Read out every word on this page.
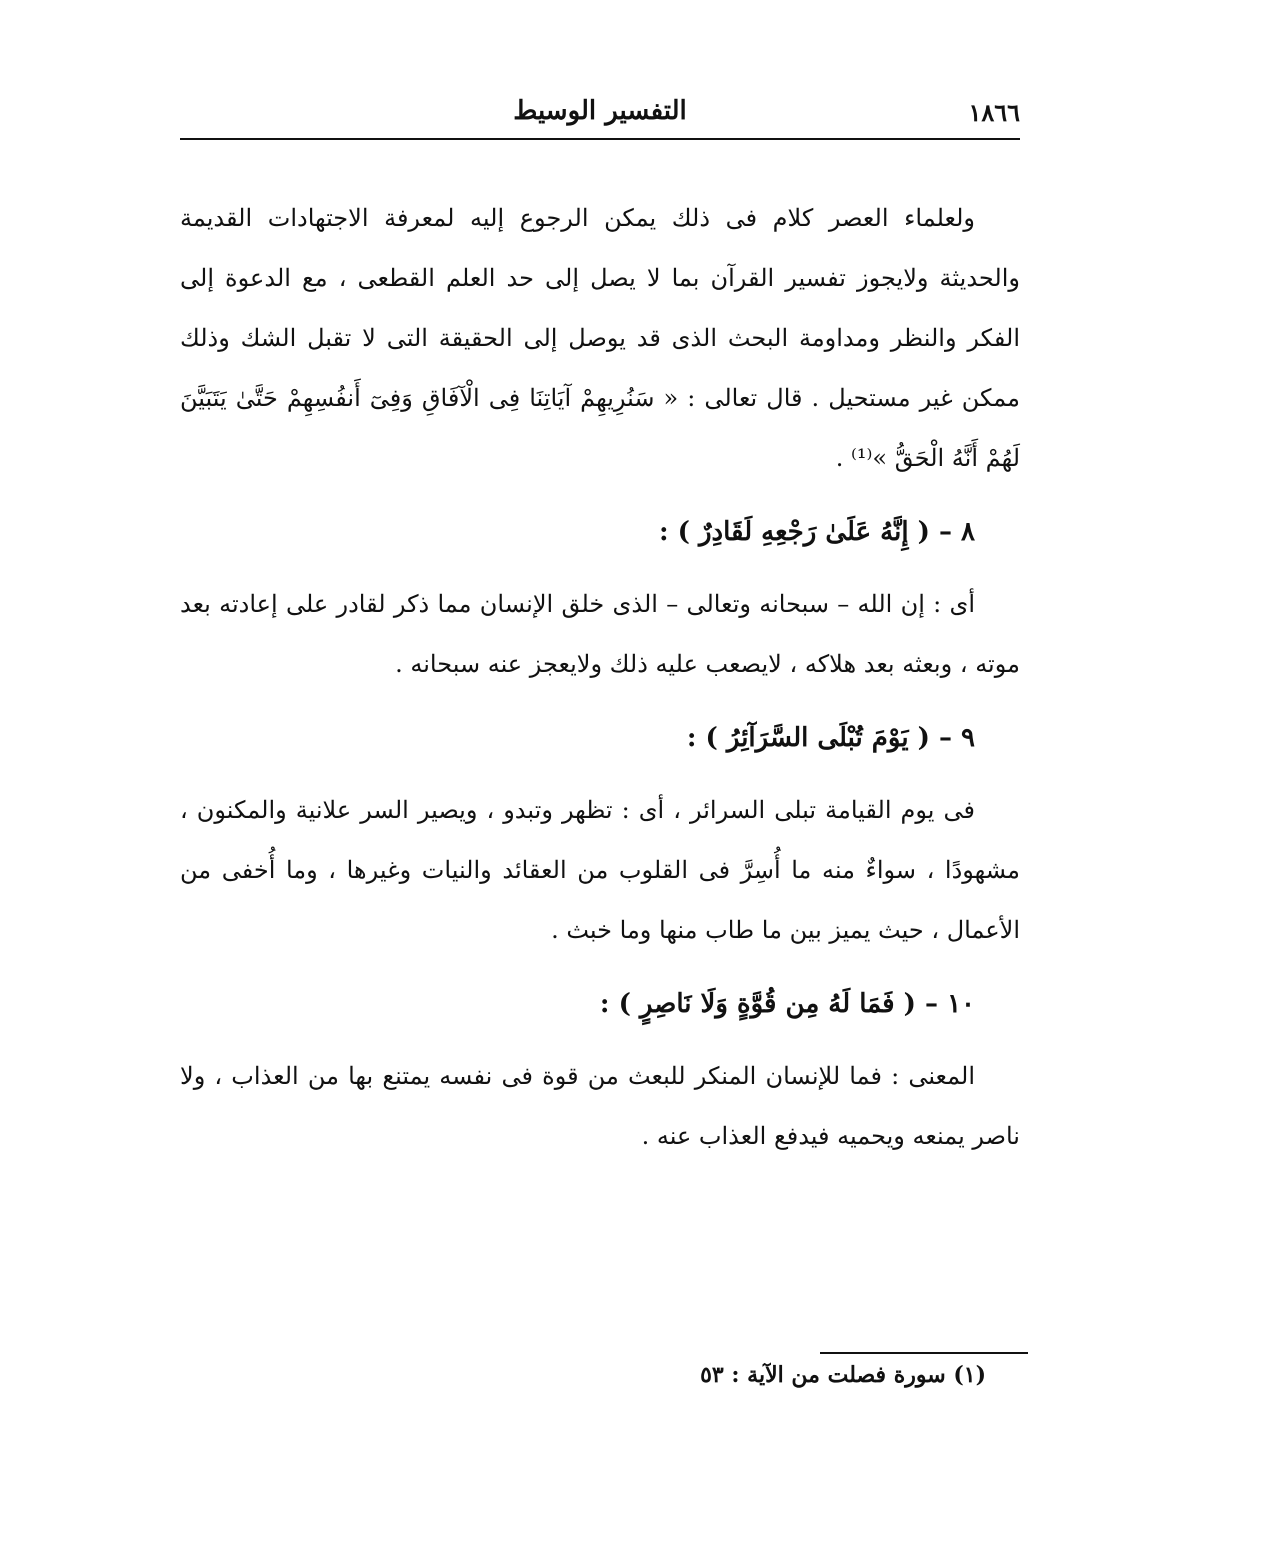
١٨٦٦
التفسير الوسيط

ولعلماء العصر كلام فى ذلك يمكن الرجوع إليه لمعرفة الاجتهادات القديمة والحديثة ولايجوز تفسير القرآن بما لا يصل إلى حد العلم القطعى ، مع الدعوة إلى الفكر والنظر ومداومة البحث الذى قد يوصل إلى الحقيقة التى لا تقبل الشك وذلك ممكن غير مستحيل . قال تعالى : « سَنُرِيهِمْ آيَاتِنَا فِى الْآفَاقِ وَفِىٓ أَنفُسِهِمْ حَتَّىٰ يَتَبَيَّنَ لَهُمْ أَنَّهُ الْحَقُّ »⁽¹⁾ .

٨ – ( إِنَّهُ عَلَىٰ رَجْعِهِ لَقَادِرٌ ) :

أى : إن الله – سبحانه وتعالى – الذى خلق الإنسان مما ذكر لقادر على إعادته بعد موته ، وبعثه بعد هلاكه ، لايصعب عليه ذلك ولايعجز عنه سبحانه .

٩ – ( يَوْمَ تُبْلَى السَّرَآئِرُ ) :

فى يوم القيامة تبلى السرائر ، أى : تظهر وتبدو ، ويصير السر علانية والمكنون ، مشهودًا ، سواءٌ منه ما أُسِرَّ فى القلوب من العقائد والنيات وغيرها ، وما أُخفى من الأعمال ، حيث يميز بين ما طاب منها وما خبث .

١٠ – ( فَمَا لَهُ مِن قُوَّةٍ وَلَا نَاصِرٍ ) :

المعنى : فما للإنسان المنكر للبعث من قوة فى نفسه يمتنع بها من العذاب ، ولا ناصر يمنعه ويحميه فيدفع العذاب عنه .

(١) سورة فصلت من الآية : ٥٣
